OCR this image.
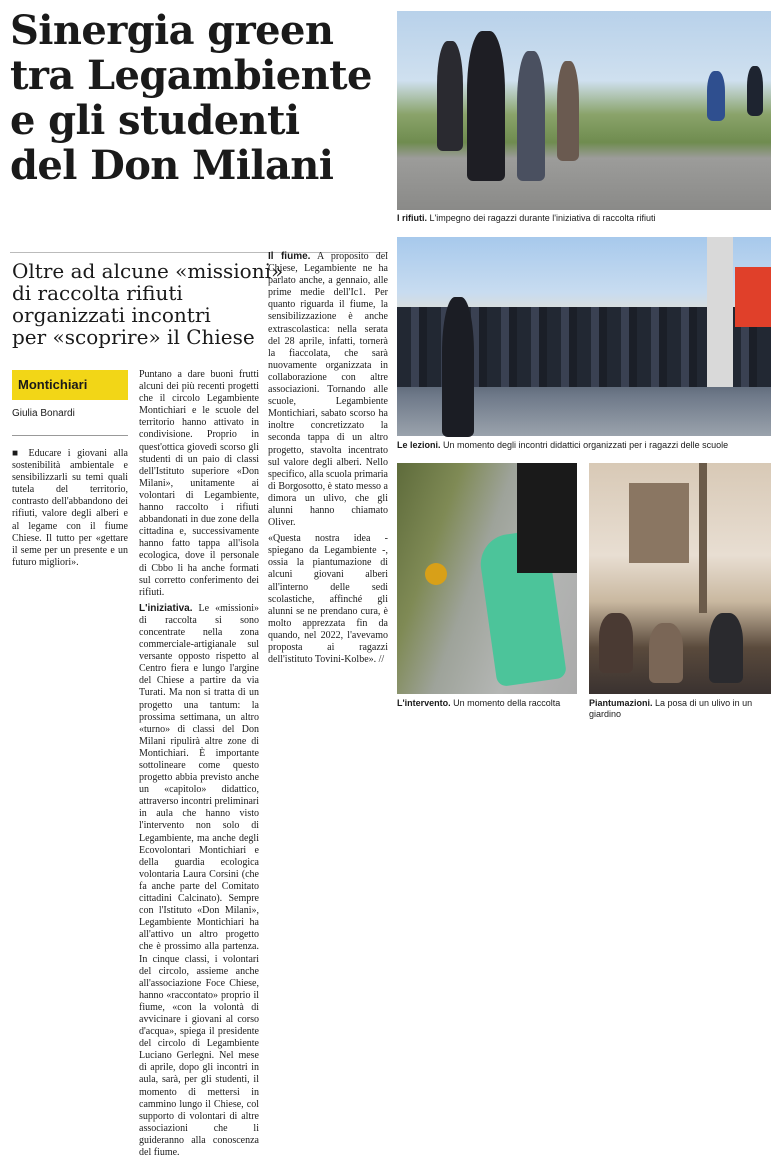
Sinergia green
tra Legambiente
e gli studenti
del Don Milani
Oltre ad alcune «missioni»
di raccolta rifiuti
organizzati incontri
per «scoprire» il Chiese
Montichiari
Giulia Bonardi

■ Educare i giovani alla sostenibilità ambientale e sensibilizzarli su temi quali tutela del territorio, contrasto dell'abbandono dei rifiuti, valore degli alberi e al legame con il fiume Chiese. Il tutto per «gettare il seme per un presente e un futuro migliori».

Puntano a dare buoni frutti alcuni dei più recenti progetti che il circolo Legambiente Montichiari e le scuole del territorio hanno attivato in condivisione. Proprio in quest'ottica giovedì scorso gli studenti di un paio di classi dell'Istituto superiore «Don Milani», unitamente ai volontari di Legambiente, hanno raccolto i rifiuti abbandonati in due zone della cittadina e, successivamente hanno fatto tappa all'isola ecologica, dove il personale di Cbbo li ha anche formati sul corretto conferimento dei rifiuti.

L'iniziativa. Le «missioni» di raccolta si sono concentrate nella zona commerciale-artigianale sul versante opposto rispetto al Centro fiera e lungo l'argine del Chiese a partire da via Turati. Ma non si tratta di un progetto una tantum: la prossima settimana, un altro «turno» di classi del Don Milani ripulirà altre zone di Montichiari. È importante sottolineare come questo progetto abbia previsto anche un «capitolo» didattico, attraverso incontri preliminari in aula che hanno visto l'intervento non solo di Legambiente, ma anche degli Ecovolontari Montichiari e della guardia ecologica volontaria Laura Corsini (che fa anche parte del Comitato cittadini Calcinato). Sempre con l'Istituto «Don Milani», Legambiente Montichiari ha all'attivo un altro progetto che è prossimo alla partenza. In cinque classi, i volontari del circolo, assieme anche all'associazione Foce Chiese, hanno «raccontato» proprio il fiume, «con la volontà di avvicinare i giovani al corso d'acqua», spiega il presidente del circolo di Legambiente Luciano Gerlegni. Nel mese di aprile, dopo gli incontri in aula, sarà, per gli studenti, il momento di mettersi in cammino lungo il Chiese, col supporto di volontari di altre associazioni che li guideranno alla conoscenza del fiume.

Il fiume. A proposito del Chiese, Legambiente ne ha parlato anche, a gennaio, alle prime medie dell'Ic1. Per quanto riguarda il fiume, la sensibilizzazione è anche extrascolastica: nella serata del 28 aprile, infatti, tornerà la fiaccolata, che sarà nuovamente organizzata in collaborazione con altre associazioni. Tornando alle scuole, Legambiente Montichiari, sabato scorso ha inoltre concretizzato la seconda tappa di un altro progetto, stavolta incentrato sul valore degli alberi. Nello specifico, alla scuola primaria di Borgosotto, è stato messo a dimora un ulivo, che gli alunni hanno chiamato Oliver.

«Questa nostra idea - spiegano da Legambiente -, ossia la piantumazione di alcuni giovani alberi all'interno delle sedi scolastiche, affinché gli alunni se ne prendano cura, è molto apprezzata fin da quando, nel 2022, l'avevamo proposta ai ragazzi dell'istituto Tovini-Kolbe». //

I rifiuti. L'impegno dei ragazzi durante l'iniziativa di raccolta rifiuti
Le lezioni. Un momento degli incontri didattici organizzati per i ragazzi delle scuole
L'intervento. Un momento della raccolta	Piantumazioni. La posa di un ulivo in un giardino
